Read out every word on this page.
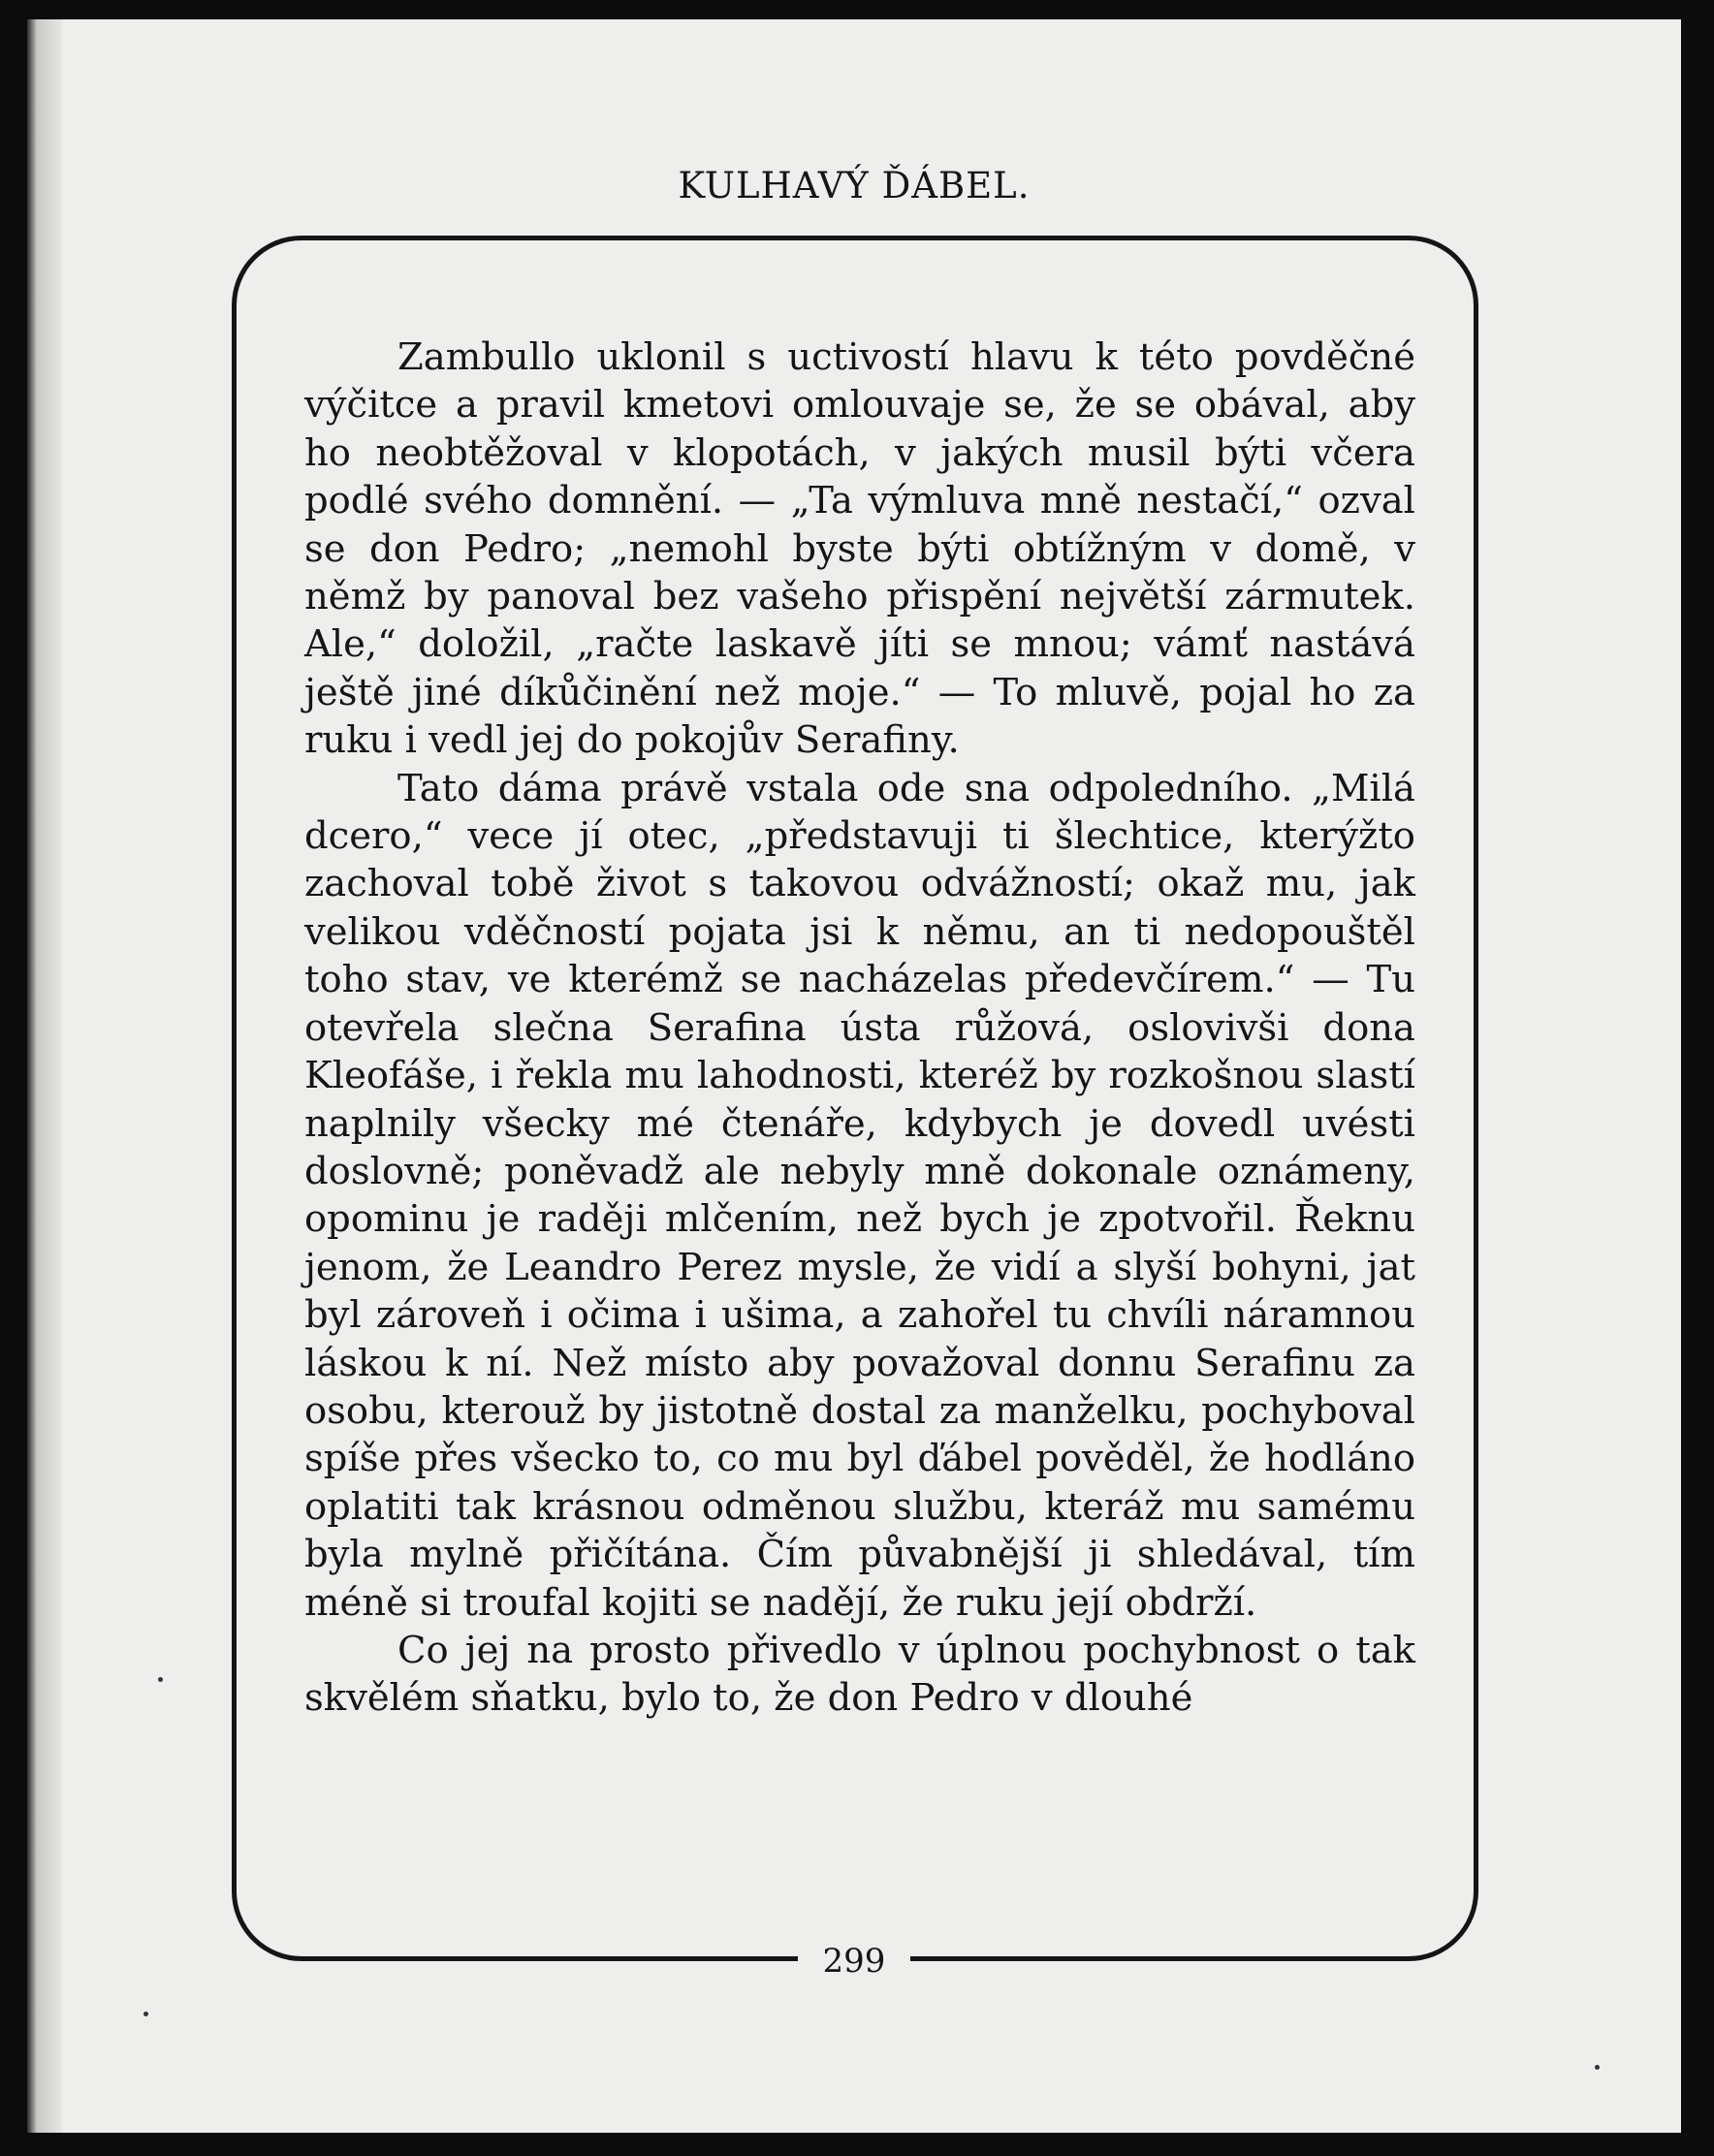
KULHAVÝ ĎÁBEL.

Zambullo uklonil s uctivostí hlavu k této povděčné výčitce a pravil kmetovi omlouvaje se, že se obával, aby ho neobtěžoval v klopotách, v jakých musil býti včera podlé svého domnění. — „Ta výmluva mně nestačí,“ ozval se don Pedro; „nemohl byste býti obtížným v domě, v němž by panoval bez vašeho přispění největší zármutek. Ale,“ doložil, „račte laskavě jíti se mnou; vámť nastává ještě jiné díkůčinění než moje.“ — To mluvě, pojal ho za ruku i vedl jej do pokojův Serafiny.

Tato dáma právě vstala ode sna odpoledního. „Milá dcero,“ vece jí otec, „představuji ti šlechtice, kterýžto zachoval tobě život s takovou odvážností; okaž mu, jak velikou vděčností pojata jsi k němu, an ti nedopouštěl toho stav, ve kterémž se nacházelas předevčírem.“ — Tu otevřela slečna Serafina ústa růžová, oslovivši dona Kleofáše, i řekla mu lahodnosti, kteréž by rozkošnou slastí naplnily všecky mé čtenáře, kdybych je dovedl uvésti doslovně; poněvadž ale nebyly mně dokonale oznámeny, opominu je raději mlčením, než bych je zpotvořil. Řeknu jenom, že Leandro Perez mysle, že vidí a slyší bohyni, jat byl zároveň i očima i ušima, a zahořel tu chvíli náramnou láskou k ní. Než místo aby považoval donnu Serafinu za osobu, kterouž by jistotně dostal za manželku, pochyboval spíše přes všecko to, co mu byl ďábel pověděl, že hodláno oplatiti tak krásnou odměnou službu, kteráž mu samému byla mylně přičítána. Čím půvabnější ji shledával, tím méně si troufal kojiti se nadějí, že ruku její obdrží.

Co jej na prosto přivedlo v úplnou pochybnost o tak skvělém sňatku, bylo to, že don Pedro v dlouhé

299
